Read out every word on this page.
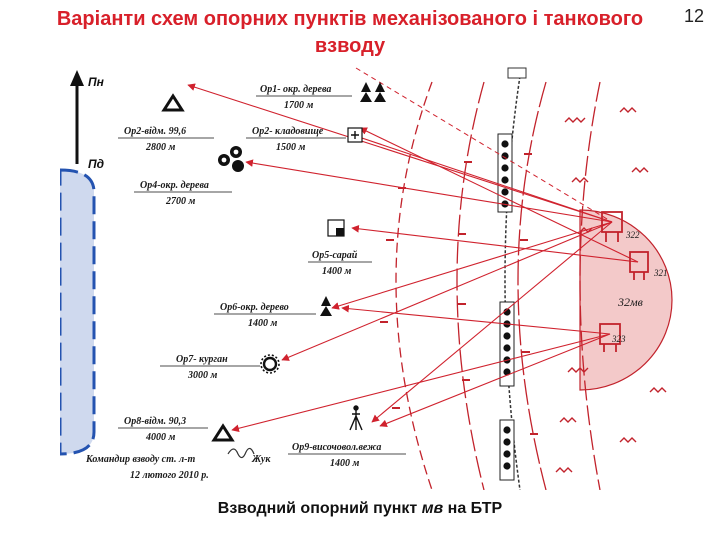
Варіанти схем опорних пунктів механізованого і танкового взводу
12
Пн
Пд
322
321
323
32мв
Ор1- окр. дерева
1700 м
Ор2-відм. 99,6
2800 м
Ор2- кладовище
1500 м
Ор4-окр. дерева
2700 м
Ор5-сарай
1400 м
Ор6-окр. дерево
1400 м
Ор7- курган
3000 м
Ор8-відм. 90,3
4000 м
Ор9-височовол.вежа
1400 м
Командир взводу ст. л-т	Жук
12 лютого 2010 р.
Взводний опорний пункт мв на БТР
